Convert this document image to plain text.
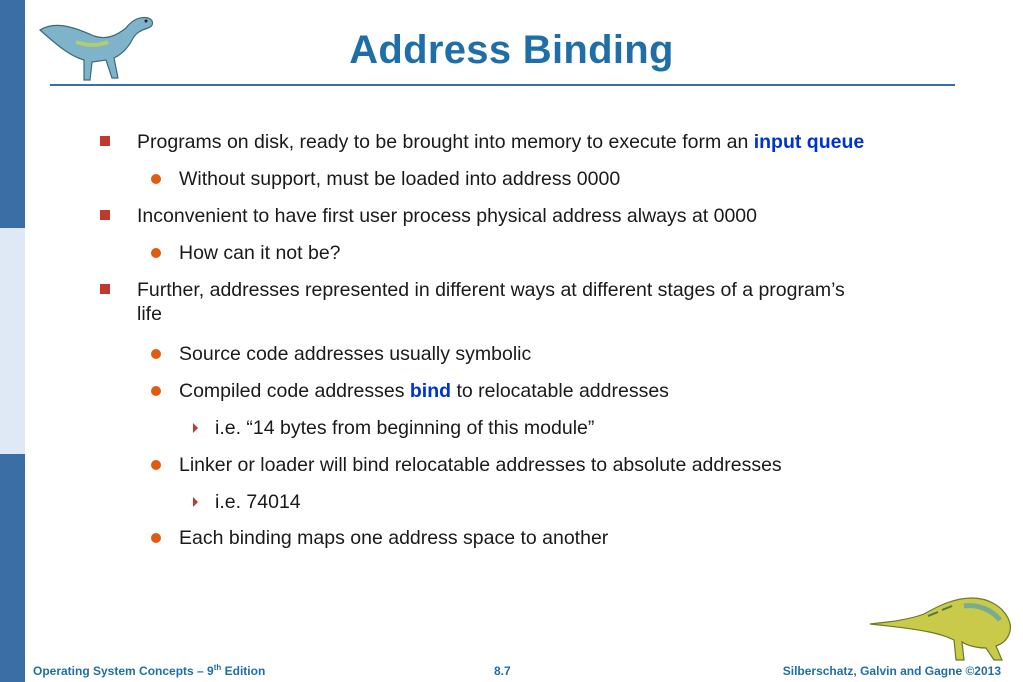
Address Binding
Programs on disk, ready to be brought into memory to execute form an input queue
Without support, must be loaded into address 0000
Inconvenient to have first user process physical address always at 0000
How can it not be?
Further, addresses represented in different ways at different stages of a program’s
life
Source code addresses usually symbolic
Compiled code addresses bind to relocatable addresses
i.e. “14 bytes from beginning of this module”
Linker or loader will bind relocatable addresses to absolute addresses
i.e. 74014
Each binding maps one address space to another
Operating System Concepts – 9th Edition	8.7	Silberschatz, Galvin and Gagne ©2013
